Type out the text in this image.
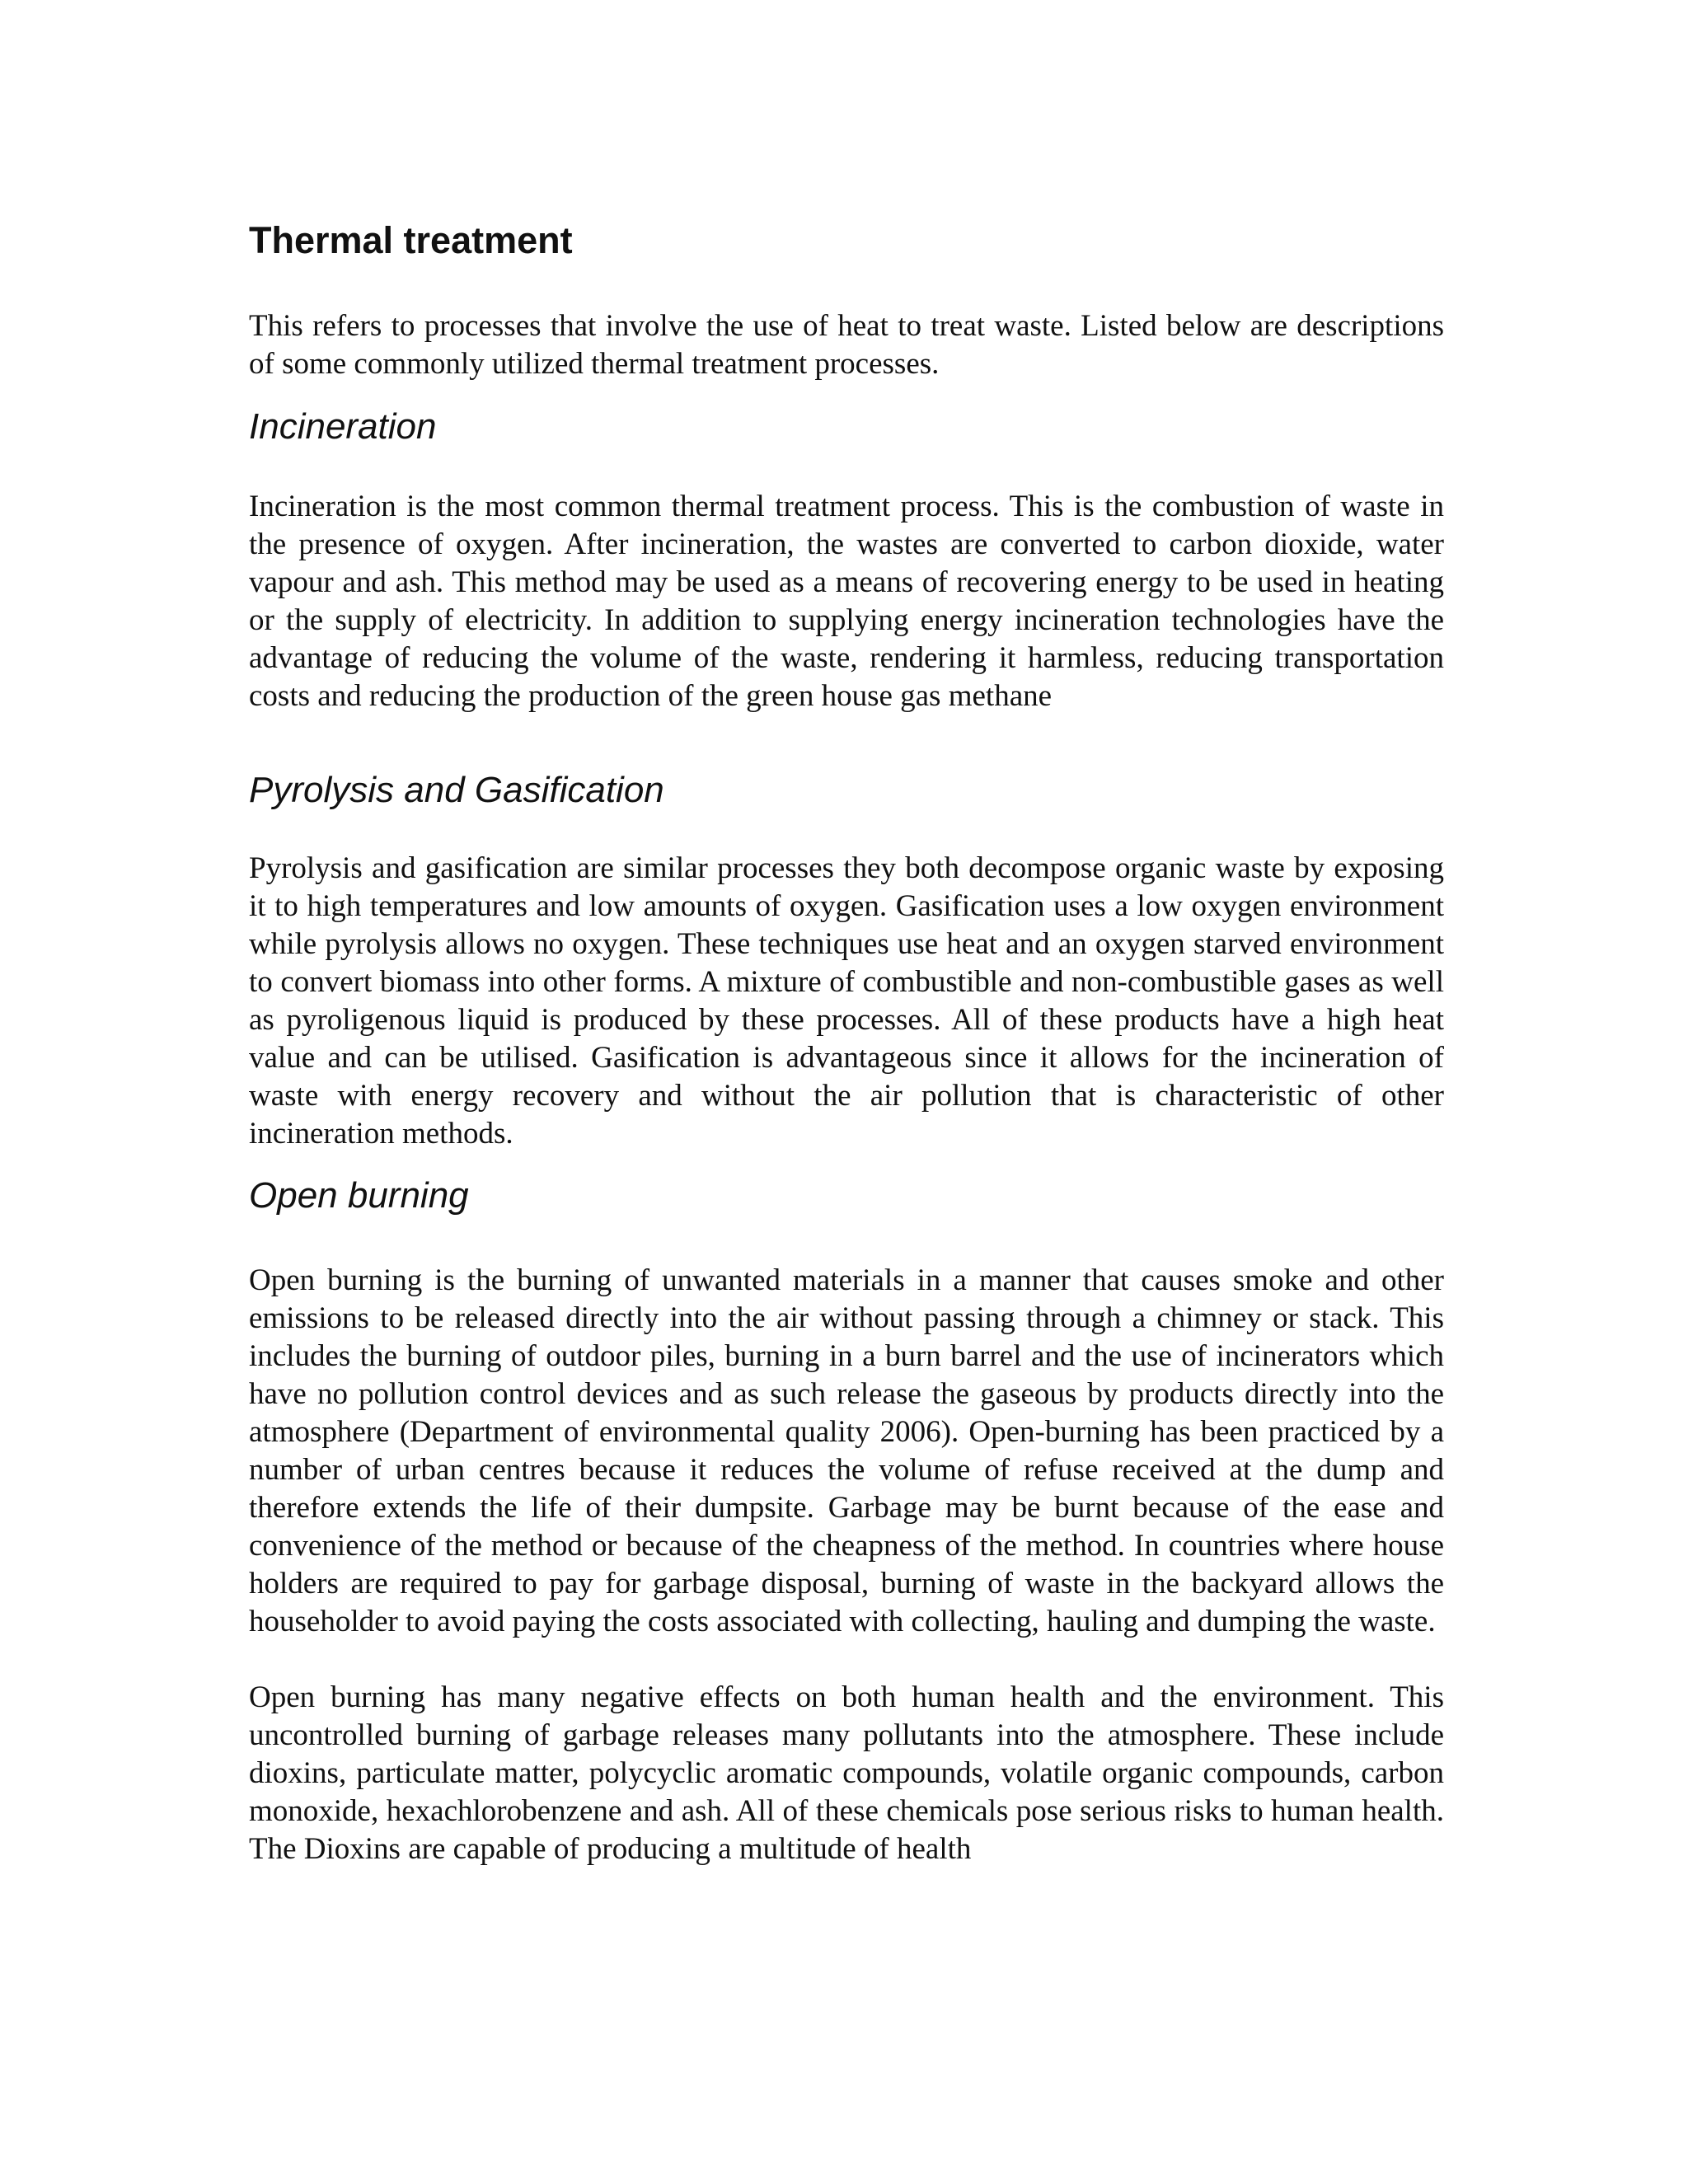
Thermal treatment

This refers to processes that involve the use of heat to treat waste. Listed below are descriptions of some commonly utilized thermal treatment processes.

Incineration

Incineration is the most common thermal treatment process. This is the combustion of waste in the presence of oxygen. After incineration, the wastes are converted to carbon dioxide, water vapour and ash. This method may be used as a means of recovering energy to be used in heating or the supply of electricity. In addition to supplying energy incineration technologies have the advantage of reducing the volume of the waste, rendering it harmless, reducing transportation costs and reducing the production of the green house gas methane

Pyrolysis and Gasification

Pyrolysis and gasification are similar processes they both decompose organic waste by exposing it to high temperatures and low amounts of oxygen. Gasification uses a low oxygen environment while pyrolysis allows no oxygen. These techniques use heat and an oxygen starved environment to convert biomass into other forms. A mixture of combustible and non-combustible gases as well as pyroligenous liquid is produced by these processes. All of these products have a high heat value and can be utilised. Gasification is advantageous since it allows for the incineration of waste with energy recovery and without the air pollution that is characteristic of other incineration methods.

Open burning

Open burning is the burning of unwanted materials in a manner that causes smoke and other emissions to be released directly into the air without passing through a chimney or stack. This includes the burning of outdoor piles, burning in a burn barrel and the use of incinerators which have no pollution control devices and as such release the gaseous by products directly into the atmosphere (Department of environmental quality 2006). Open-burning has been practiced by a number of urban centres because it reduces the volume of refuse received at the dump and therefore extends the life of their dumpsite. Garbage may be burnt because of the ease and convenience of the method or because of the cheapness of the method. In countries where house holders are required to pay for garbage disposal, burning of waste in the backyard allows the householder to avoid paying the costs associated with collecting, hauling and dumping the waste.

Open burning has many negative effects on both human health and the environment. This uncontrolled burning of garbage releases many pollutants into the atmosphere. These include dioxins, particulate matter, polycyclic aromatic compounds, volatile organic compounds, carbon monoxide, hexachlorobenzene and ash. All of these chemicals pose serious risks to human health. The Dioxins are capable of producing a multitude of health
